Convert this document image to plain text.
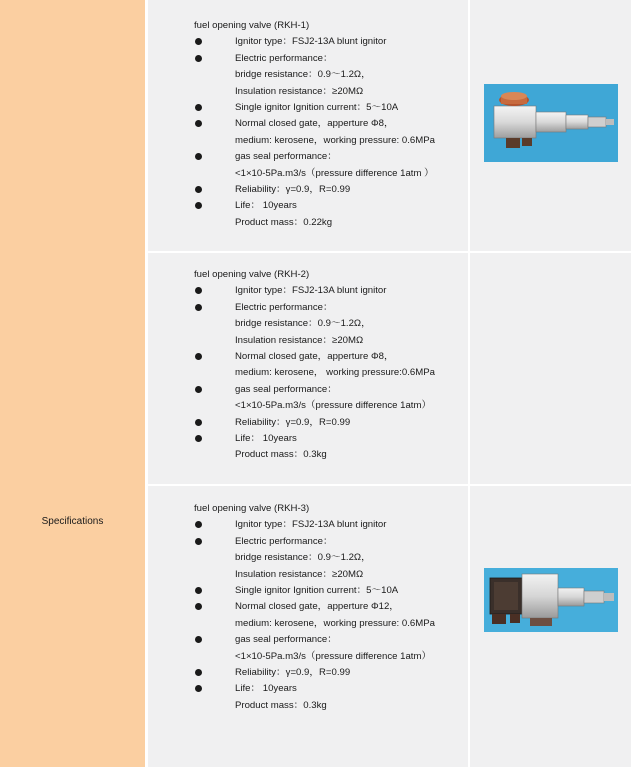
Specifications
fuel opening valve (RKH-1)
Ignitor type：FSJ2-13A blunt ignitor
Electric performance：
bridge resistance：0.9～1.2Ω，
Insulation resistance：≥20MΩ
Single ignitor Ignition current：5～10A
Normal closed gate，apperture Φ8，
medium: kerosene，working pressure: 0.6MPa
gas seal performance：
<1×10-5Pa.m3/s（pressure difference 1atm ）
Reliability：γ=0.9，R=0.99
Life： 10years
Product mass：0.22kg
fuel opening valve (RKH-2)
Ignitor type：FSJ2-13A blunt ignitor
Electric performance：
bridge resistance：0.9～1.2Ω，
Insulation resistance：≥20MΩ
Normal closed gate，apperture Φ8，
medium: kerosene， working pressure:0.6MPa
gas seal performance：
<1×10-5Pa.m3/s（pressure difference 1atm）
Reliability：γ=0.9，R=0.99
Life： 10years
Product mass：0.3kg
fuel opening valve (RKH-3)
Ignitor type：FSJ2-13A blunt ignitor
Electric performance：
bridge resistance：0.9～1.2Ω，
Insulation resistance：≥20MΩ
Single ignitor Ignition current：5～10A
Normal closed gate，apperture Φ12，
medium: kerosene，working pressure: 0.6MPa
gas seal performance：
<1×10-5Pa.m3/s（pressure difference 1atm）
Reliability：γ=0.9，R=0.99
Life： 10years
Product mass：0.3kg
